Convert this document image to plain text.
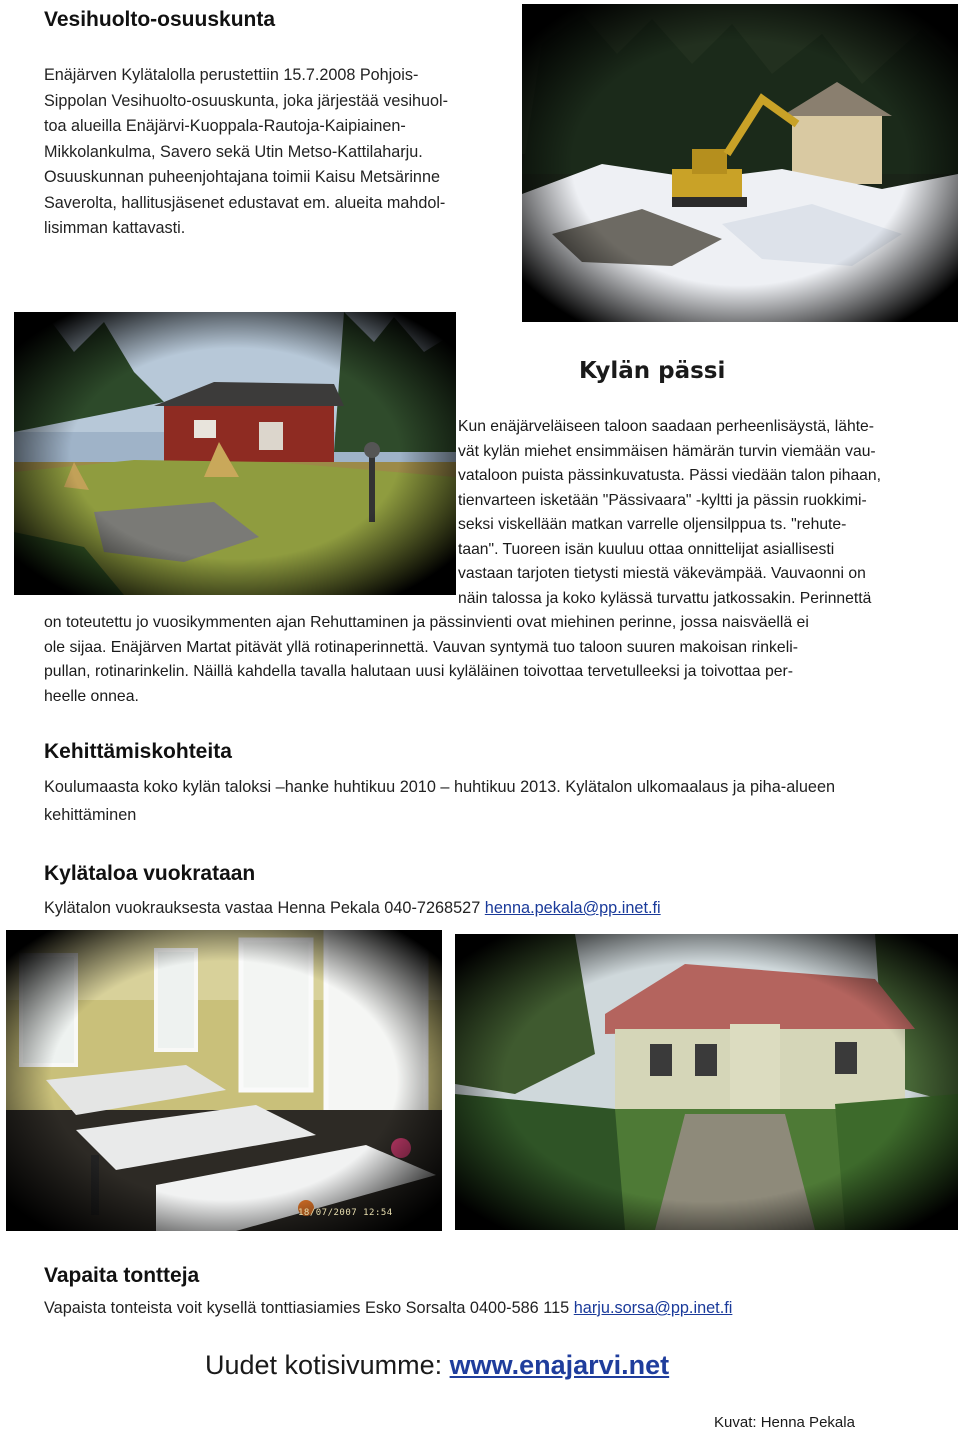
Vesihuolto-osuuskunta
Enäjärven Kylätalolla perustettiin 15.7.2008 Pohjois-
Sippolan Vesihuolto-osuuskunta, joka järjestää vesihuol-
toa alueilla Enäjärvi-Kuoppala-Rautoja-Kaipiainen-
Mikkolankulma, Savero sekä Utin Metso-Kattilaharju.
Osuuskunnan puheenjohtajana toimii Kaisu Metsärinne
Saverolta, hallitusjäsenet edustavat em. alueita mahdol-
lisimman kattavasti.
Kylän pässi
Kun enäjärveläiseen taloon saadaan perheenlisäystä, lähte-
vät kylän miehet ensimmäisen hämärän turvin viemään vau-
vataloon puista pässinkuvatusta. Pässi viedään talon pihaan,
tienvarteen isketään "Pässivaara" -kyltti ja pässin ruokkimi-
seksi viskellään matkan varrelle oljensilppua ts. "rehute-
taan". Tuoreen isän kuuluu ottaa onnittelijat asiallisesti
vastaan tarjoten tietysti miestä väkevämpää. Vauvaonni on
näin talossa ja koko kylässä turvattu jatkossakin. Perinnettä
on toteutettu jo vuosikymmenten ajan Rehuttaminen ja pässinvienti ovat miehinen perinne, jossa naisväellä ei
ole sijaa. Enäjärven Martat pitävät yllä rotinaperinnettä. Vauvan syntymä tuo taloon suuren makoisan rinkeli-
pullan, rotinarinkelin. Näillä kahdella tavalla halutaan uusi kyläläinen toivottaa tervetulleeksi ja toivottaa per-
heelle onnea.
Kehittämiskohteita
Koulumaasta koko kylän taloksi –hanke huhtikuu 2010 – huhtikuu 2013. Kylätalon ulkomaalaus ja piha-alueen
kehittäminen
Kylätaloa vuokrataan
Kylätalon vuokrauksesta vastaa Henna Pekala 040-7268527 henna.pekala@pp.inet.fi
18/07/2007 12:54
Vapaita tontteja
Vapaista tonteista voit kysellä tonttiasiamies Esko Sorsalta 0400-586 115 harju.sorsa@pp.inet.fi
Uudet kotisivumme: www.enajarvi.net
Kuvat: Henna Pekala
